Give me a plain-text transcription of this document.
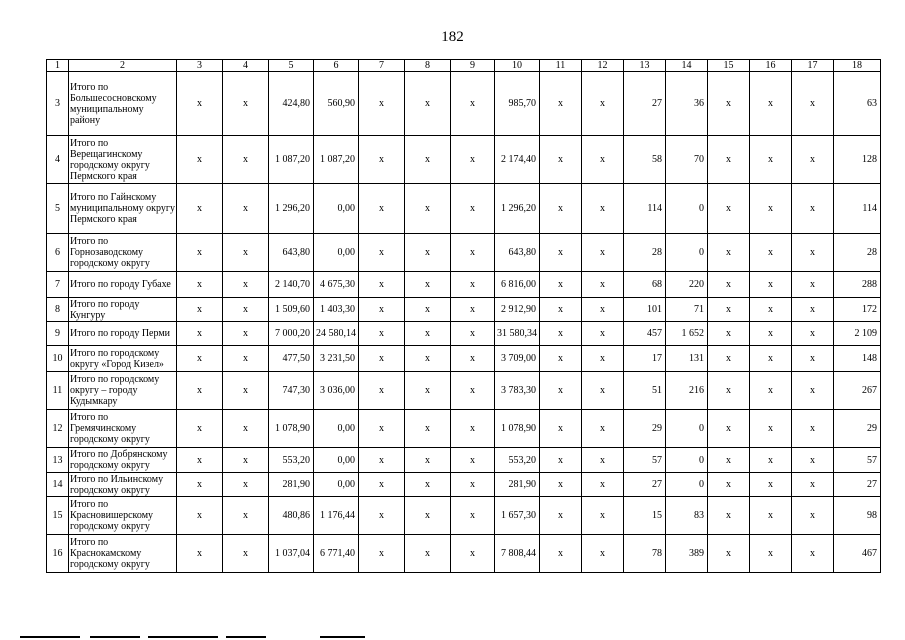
182
1	2	3	4	5	6	7	8	9	10	11	12	13	14	15	16	17	18
3	Итого по Большесосновскому муниципальному району	x	x	424,80	560,90	x	x	x	985,70	x	x	27	36	x	x	x	63
4	Итого по Верещагинскому городскому округу Пермского края	x	x	1 087,20	1 087,20	x	x	x	2 174,40	x	x	58	70	x	x	x	128
5	Итого по Гайнскому муниципальному округу Пермского края	x	x	1 296,20	0,00	x	x	x	1 296,20	x	x	114	0	x	x	x	114
6	Итого по Горнозаводскому городскому округу	x	x	643,80	0,00	x	x	x	643,80	x	x	28	0	x	x	x	28
7	Итого по городу Губахе	x	x	2 140,70	4 675,30	x	x	x	6 816,00	x	x	68	220	x	x	x	288
8	Итого по городу Кунгуру	x	x	1 509,60	1 403,30	x	x	x	2 912,90	x	x	101	71	x	x	x	172
9	Итого по городу Перми	x	x	7 000,20	24 580,14	x	x	x	31 580,34	x	x	457	1 652	x	x	x	2 109
10	Итого по городскому округу «Город Кизел»	x	x	477,50	3 231,50	x	x	x	3 709,00	x	x	17	131	x	x	x	148
11	Итого по городскому округу – городу Кудымкару	x	x	747,30	3 036,00	x	x	x	3 783,30	x	x	51	216	x	x	x	267
12	Итого по Гремячинскому городскому округу	x	x	1 078,90	0,00	x	x	x	1 078,90	x	x	29	0	x	x	x	29
13	Итого по Добрянскому городскому округу	x	x	553,20	0,00	x	x	x	553,20	x	x	57	0	x	x	x	57
14	Итого по Ильинскому городскому округу	x	x	281,90	0,00	x	x	x	281,90	x	x	27	0	x	x	x	27
15	Итого по Красновишерскому городскому округу	x	x	480,86	1 176,44	x	x	x	1 657,30	x	x	15	83	x	x	x	98
16	Итого по Краснокамскому городскому округу	x	x	1 037,04	6 771,40	x	x	x	7 808,44	x	x	78	389	x	x	x	467
